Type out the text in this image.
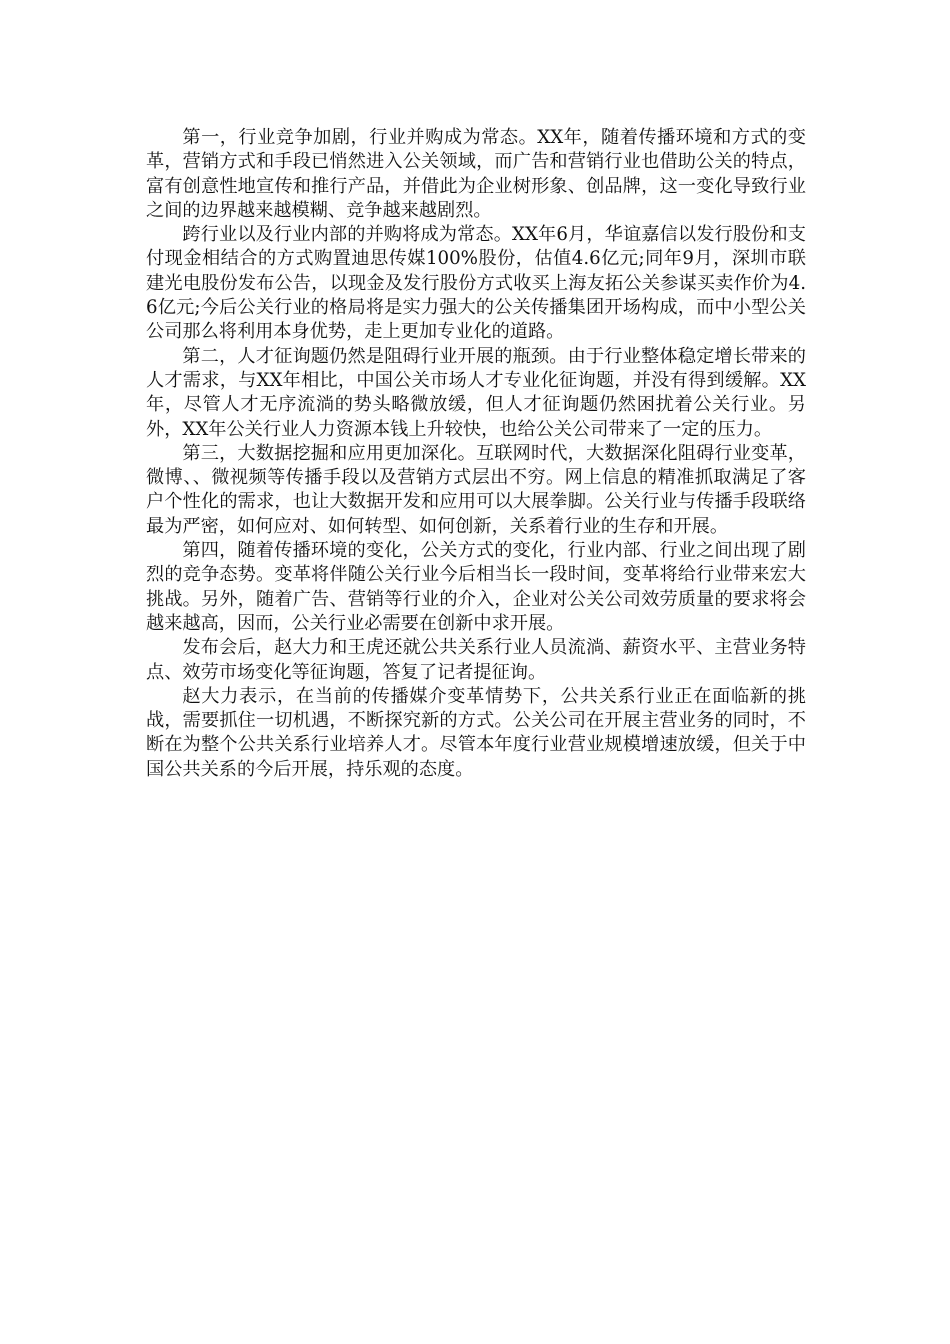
第一，行业竞争加剧，行业并购成为常态。XX年，随着传播环境和方式的变革，营销方式和手段已悄然进入公关领域，而广告和营销行业也借助公关的特点，富有创意性地宣传和推行产品，并借此为企业树形象、创品牌，这一变化导致行业之间的边界越来越模糊、竞争越来越剧烈。

跨行业以及行业内部的并购将成为常态。XX年6月，华谊嘉信以发行股份和支付现金相结合的方式购置迪思传媒100%股份，估值4.6亿元;同年9月，深圳市联建光电股份发布公告，以现金及发行股份方式收买上海友拓公关参谋买卖作价为4.6亿元;今后公关行业的格局将是实力强大的公关传播集团开场构成，而中小型公关公司那么将利用本身优势，走上更加专业化的道路。

第二，人才征询题仍然是阻碍行业开展的瓶颈。由于行业整体稳定增长带来的人才需求，与XX年相比，中国公关市场人才专业化征询题，并没有得到缓解。XX年，尽管人才无序流淌的势头略微放缓，但人才征询题仍然困扰着公关行业。另外，XX年公关行业人力资源本钱上升较快，也给公关公司带来了一定的压力。

第三，大数据挖掘和应用更加深化。互联网时代，大数据深化阻碍行业变革，微博、、微视频等传播手段以及营销方式层出不穷。网上信息的精准抓取满足了客户个性化的需求，也让大数据开发和应用可以大展拳脚。公关行业与传播手段联络最为严密，如何应对、如何转型、如何创新，关系着行业的生存和开展。

第四，随着传播环境的变化，公关方式的变化，行业内部、行业之间出现了剧烈的竞争态势。变革将伴随公关行业今后相当长一段时间，变革将给行业带来宏大挑战。另外，随着广告、营销等行业的介入，企业对公关公司效劳质量的要求将会越来越高，因而，公关行业必需要在创新中求开展。

发布会后，赵大力和王虎还就公共关系行业人员流淌、薪资水平、主营业务特点、效劳市场变化等征询题，答复了记者提征询。

赵大力表示，在当前的传播媒介变革情势下，公共关系行业正在面临新的挑战，需要抓住一切机遇，不断探究新的方式。公关公司在开展主营业务的同时，不断在为整个公共关系行业培养人才。尽管本年度行业营业规模增速放缓，但关于中国公共关系的今后开展，持乐观的态度。
